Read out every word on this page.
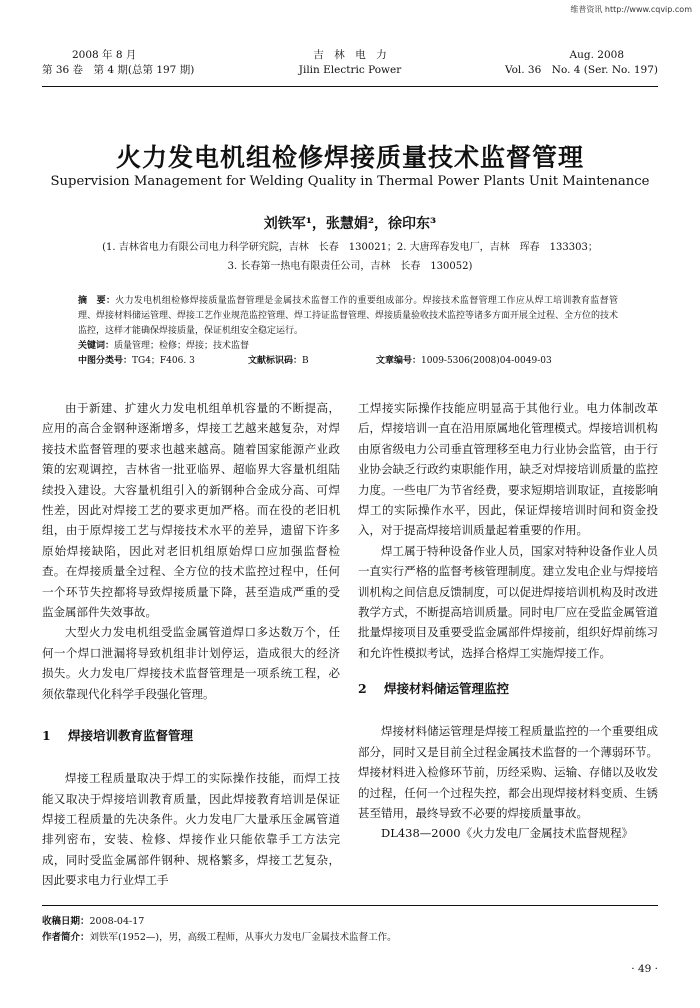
维普资讯 http://www.cqvip.com
2008 年 8 月
第 36 卷　第 4 期(总第 197 期)
吉　林　电　力
Jilin Electric Power
Aug. 2008
Vol. 36　No. 4 (Ser. No. 197)
火力发电机组检修焊接质量技术监督管理
Supervision Management for Welding Quality in Thermal Power Plants Unit Maintenance
刘铁军¹，张慧娟²，徐印东³
(1. 吉林省电力有限公司电力科学研究院，吉林　长春　130021；2. 大唐珲春发电厂，吉林　珲春　133303；
3. 长春第一热电有限责任公司，吉林　长春　130052)
摘　要：火力发电机组检修焊接质量监督管理是金属技术监督工作的重要组成部分。焊接技术监督管理工作应从焊工培训教育监督管理、焊接材料储运管理、焊接工艺作业规范监控管理、焊工持证监督管理、焊接质量验收技术监控等诸多方面开展全过程、全方位的技术监控，这样才能确保焊接质量，保证机组安全稳定运行。
关键词：质量管理；检修；焊接；技术监督
中图分类号：TG4；F406. 3	文献标识码：B	文章编号：1009-5306(2008)04-0049-03

由于新建、扩建火力发电机组单机容量的不断提高，应用的高合金钢种逐渐增多，焊接工艺越来越复杂，对焊接技术监督管理的要求也越来越高。随着国家能源产业政策的宏观调控，吉林省一批亚临界、超临界大容量机组陆续投入建设。大容量机组引入的新钢种合金成分高、可焊性差，因此对焊接工艺的要求更加严格。而在役的老旧机组，由于原焊接工艺与焊接技术水平的差异，遗留下许多原始焊接缺陷，因此对老旧机组原始焊口应加强监督检查。在焊接质量全过程、全方位的技术监控过程中，任何一个环节失控都将导致焊接质量下降，甚至造成严重的受监金属部件失效事故。

大型火力发电机组受监金属管道焊口多达数万个，任何一个焊口泄漏将导致机组非计划停运，造成很大的经济损失。火力发电厂焊接技术监督管理是一项系统工程，必须依靠现代化科学手段强化管理。

1 焊接培训教育监督管理

焊接工程质量取决于焊工的实际操作技能，而焊工技能又取决于焊接培训教育质量，因此焊接教育培训是保证焊接工程质量的先决条件。火力发电厂大量承压金属管道排列密布，安装、检修、焊接作业只能依靠手工方法完成，同时受监金属部件钢种、规格繁多，焊接工艺复杂，因此要求电力行业焊工手

工焊接实际操作技能应明显高于其他行业。电力体制改革后，焊接培训一直在沿用原属地化管理模式。焊接培训机构由原省级电力公司垂直管理移至电力行业协会监管，由于行业协会缺乏行政约束职能作用，缺乏对焊接培训质量的监控力度。一些电厂为节省经费，要求短期培训取证，直接影响焊工的实际操作水平，因此，保证焊接培训时间和资金投入，对于提高焊接培训质量起着重要的作用。

焊工属于特种设备作业人员，国家对特种设备作业人员一直实行严格的监督考核管理制度。建立发电企业与焊接培训机构之间信息反馈制度，可以促进焊接培训机构及时改进教学方式，不断提高培训质量。同时电厂应在受监金属管道批量焊接项目及重要受监金属部件焊接前，组织好焊前练习和允许性模拟考试，选择合格焊工实施焊接工作。

2 焊接材料储运管理监控

焊接材料储运管理是焊接工程质量监控的一个重要组成部分，同时又是目前全过程金属技术监督的一个薄弱环节。焊接材料进入检修环节前，历经采购、运输、存储以及收发的过程，任何一个过程失控，都会出现焊接材料变质、生锈甚至错用，最终导致不必要的焊接质量事故。

DL438—2000《火力发电厂金属技术监督规程》

收稿日期：2008-04-17
作者简介：刘铁军(1952—)，男，高级工程师，从事火力发电厂金属技术监督工作。
· 49 ·
